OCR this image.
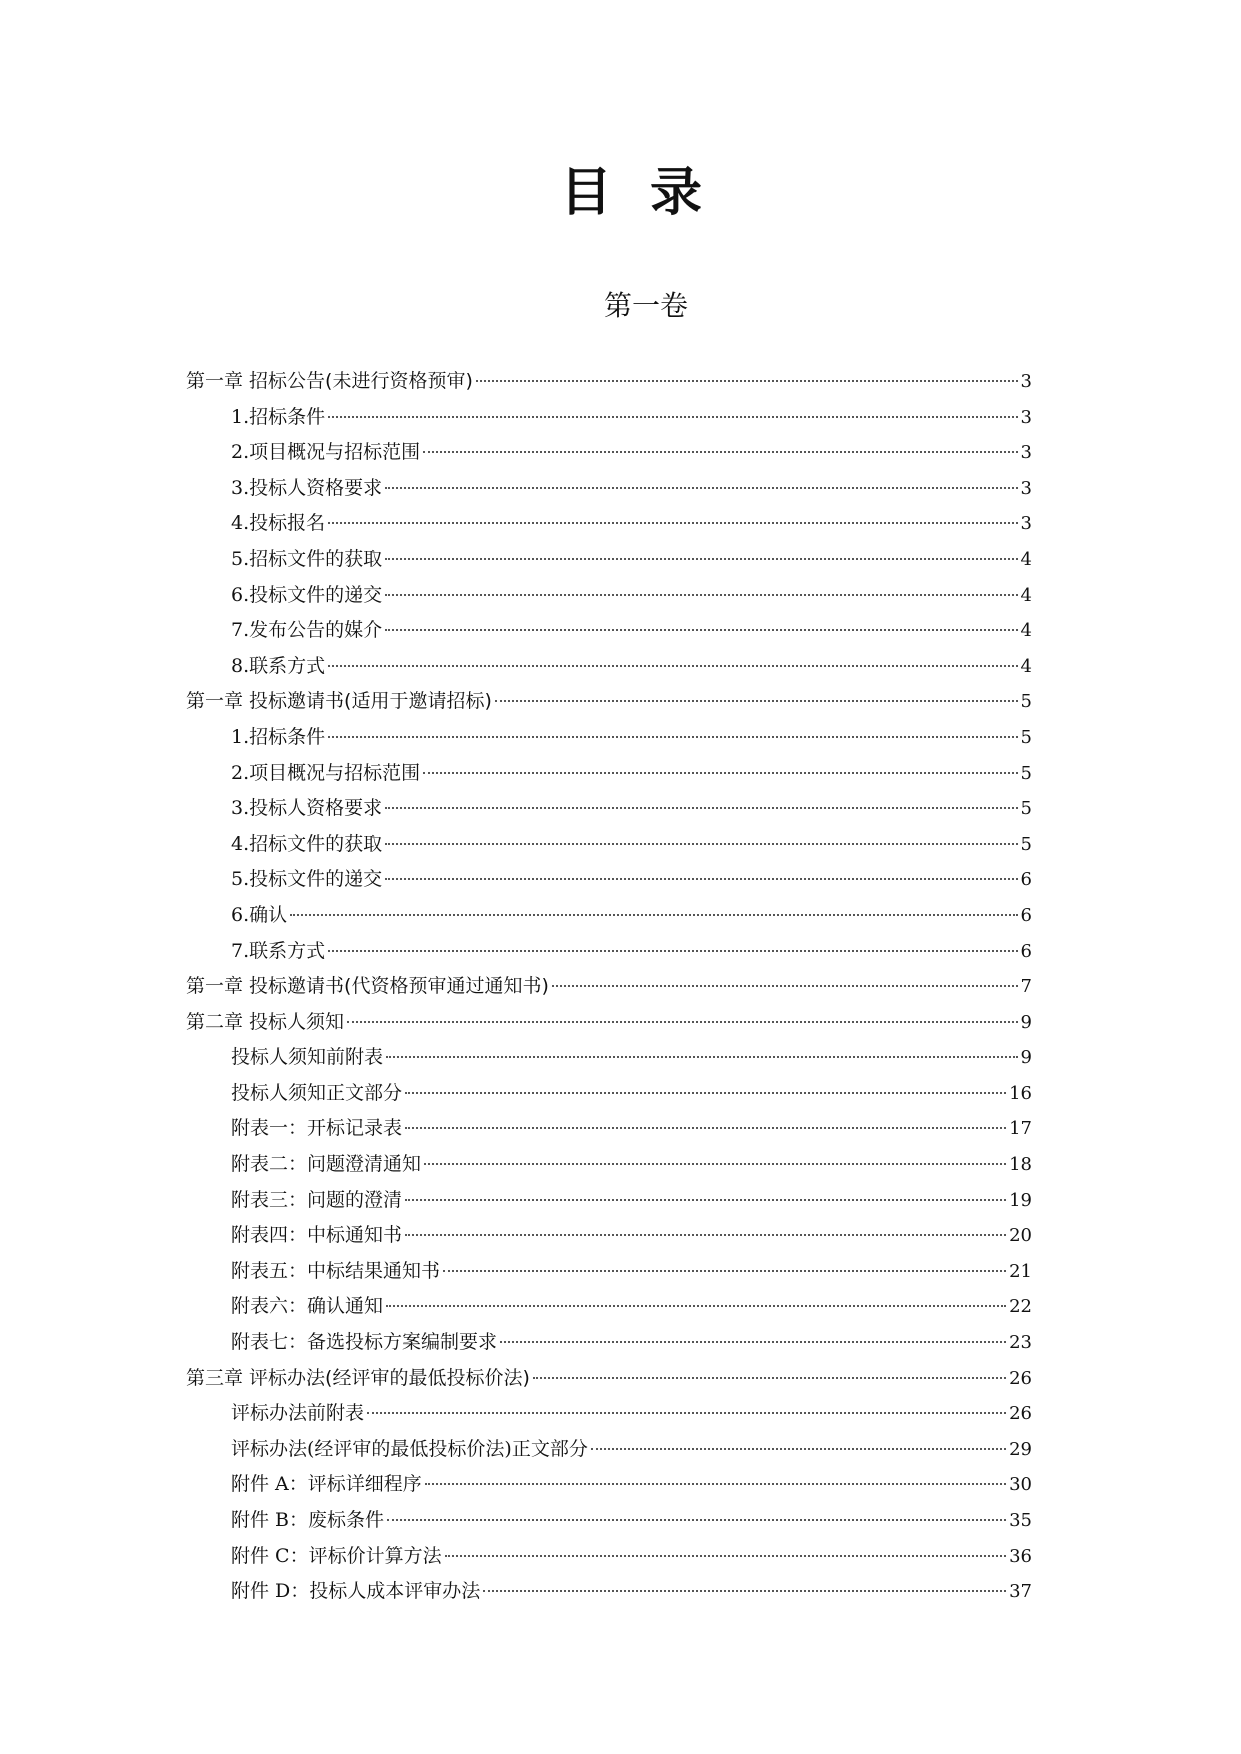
目录
第一卷
第一章 招标公告(未进行资格预审)	3
1.招标条件	3
2.项目概况与招标范围	3
3.投标人资格要求	3
4.投标报名	3
5.招标文件的获取	4
6.投标文件的递交	4
7.发布公告的媒介	4
8.联系方式	4
第一章 投标邀请书(适用于邀请招标)	5
1.招标条件	5
2.项目概况与招标范围	5
3.投标人资格要求	5
4.招标文件的获取	5
5.投标文件的递交	6
6.确认	6
7.联系方式	6
第一章 投标邀请书(代资格预审通过通知书)	7
第二章 投标人须知	9
投标人须知前附表	9
投标人须知正文部分	16
附表一：开标记录表	17
附表二：问题澄清通知	18
附表三：问题的澄清	19
附表四：中标通知书	20
附表五：中标结果通知书	21
附表六：确认通知	22
附表七：备选投标方案编制要求	23
第三章 评标办法(经评审的最低投标价法)	26
评标办法前附表	26
评标办法(经评审的最低投标价法)正文部分	29
附件 A：评标详细程序	30
附件 B：废标条件	35
附件 C：评标价计算方法	36
附件 D：投标人成本评审办法	37
